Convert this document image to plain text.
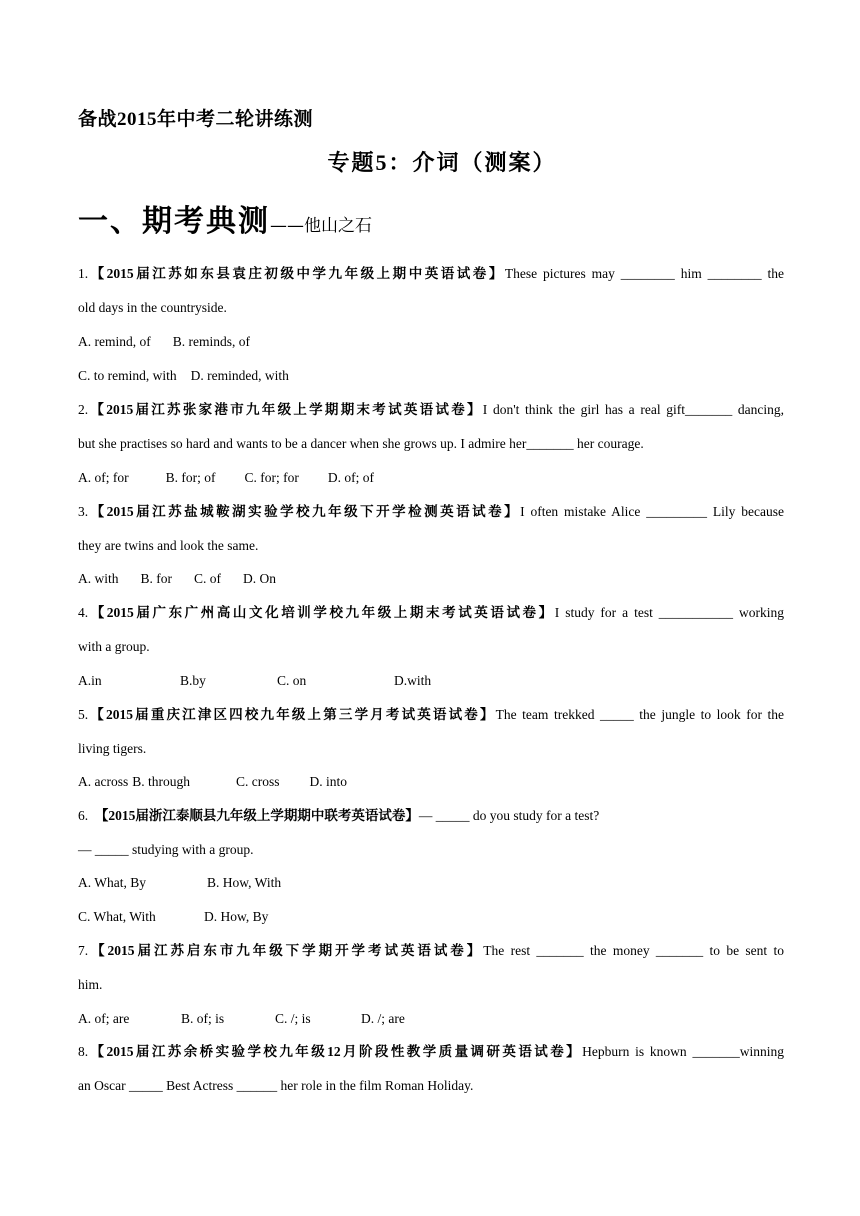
备战2015年中考二轮讲练测
专题5：介词（测案）
一、期考典测——他山之石
1.【2015届江苏如东县袁庄初级中学九年级上期中英语试卷】These pictures may ________ him ________ the
old days in the countryside.
A. remind, of B. reminds, of
C. to remind, with D. reminded, with
2.【2015届江苏张家港市九年级上学期期末考试英语试卷】I don't think the girl has a real gift_______ dancing,
but she practises so hard and wants to be a dancer when she grows up. I admire her_______ her courage.
A. of; for	B. for; of C. for; for D. of; of
3.【2015届江苏盐城鞍湖实验学校九年级下开学检测英语试卷】I often mistake Alice _________ Lily because
they are twins and look the same.
A. with B. for C. of D. On
4.【2015届广东广州高山文化培训学校九年级上期末考试英语试卷】I study for a test ___________ working
with a group.
A.in	B.by	C. on	D.with
5.【2015届重庆江津区四校九年级上第三学月考试英语试卷】The team trekked _____ the jungle to look for the
living tigers.
A. across B. through	C. cross D. into
6. 【2015届浙江泰顺县九年级上学期期中联考英语试卷】— _____ do you study for a test?
— _____ studying with a group.
A. What, By	B. How, With
C. What, With	D. How, By
7.【2015届江苏启东市九年级下学期开学考试英语试卷】The rest _______ the money _______ to be sent to
him.
A. of; are	B. of; is	C. /; is	D. /; are
8.【2015届江苏余桥实验学校九年级12月阶段性教学质量调研英语试卷】Hepburn is known _______winning
an Oscar _____ Best Actress ______ her role in the film Roman Holiday.
